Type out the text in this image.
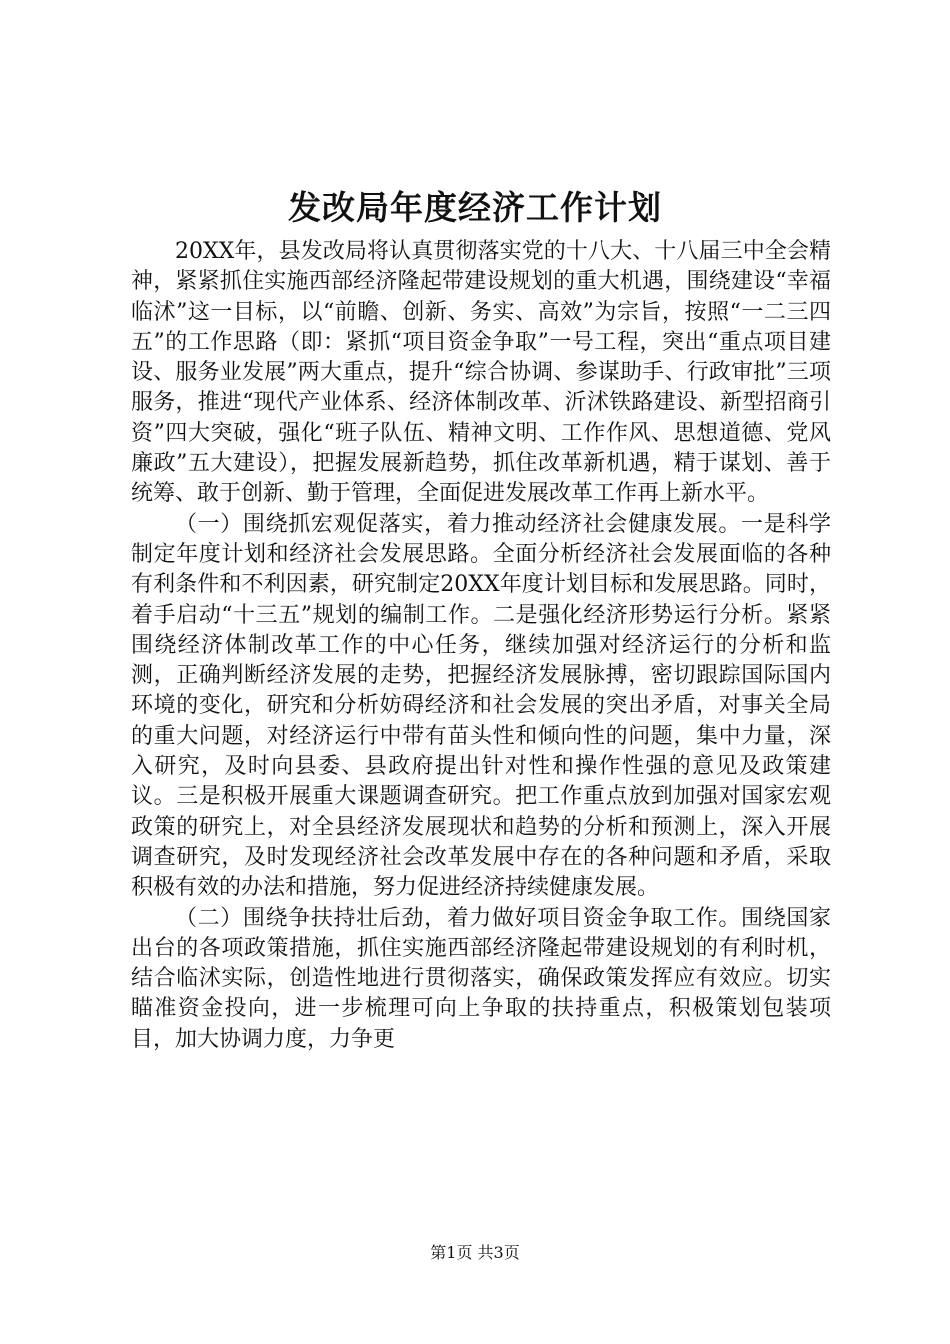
发改局年度经济工作计划

20XX年，县发改局将认真贯彻落实党的十八大、十八届三中全会精神，紧紧抓住实施西部经济隆起带建设规划的重大机遇，围绕建设“幸福临沭”这一目标，以“前瞻、创新、务实、高效”为宗旨，按照“一二三四五”的工作思路（即：紧抓“项目资金争取”一号工程，突出“重点项目建设、服务业发展”两大重点，提升“综合协调、参谋助手、行政审批”三项服务，推进“现代产业体系、经济体制改革、沂沭铁路建设、新型招商引资”四大突破，强化“班子队伍、精神文明、工作作风、思想道德、党风廉政”五大建设），把握发展新趋势，抓住改革新机遇，精于谋划、善于统筹、敢于创新、勤于管理，全面促进发展改革工作再上新水平。

（一）围绕抓宏观促落实，着力推动经济社会健康发展。一是科学制定年度计划和经济社会发展思路。全面分析经济社会发展面临的各种有利条件和不利因素，研究制定20XX年度计划目标和发展思路。同时，着手启动“十三五”规划的编制工作。二是强化经济形势运行分析。紧紧围绕经济体制改革工作的中心任务，继续加强对经济运行的分析和监测，正确判断经济发展的走势，把握经济发展脉搏，密切跟踪国际国内环境的变化，研究和分析妨碍经济和社会发展的突出矛盾，对事关全局的重大问题，对经济运行中带有苗头性和倾向性的问题，集中力量，深入研究，及时向县委、县政府提出针对性和操作性强的意见及政策建议。三是积极开展重大课题调查研究。把工作重点放到加强对国家宏观政策的研究上，对全县经济发展现状和趋势的分析和预测上，深入开展调查研究，及时发现经济社会改革发展中存在的各种问题和矛盾，采取积极有效的办法和措施，努力促进经济持续健康发展。

（二）围绕争扶持壮后劲，着力做好项目资金争取工作。围绕国家出台的各项政策措施，抓住实施西部经济隆起带建设规划的有利时机，结合临沭实际，创造性地进行贯彻落实，确保政策发挥应有效应。切实瞄准资金投向，进一步梳理可向上争取的扶持重点，积极策划包装项目，加大协调力度，力争更

第1页 共3页
